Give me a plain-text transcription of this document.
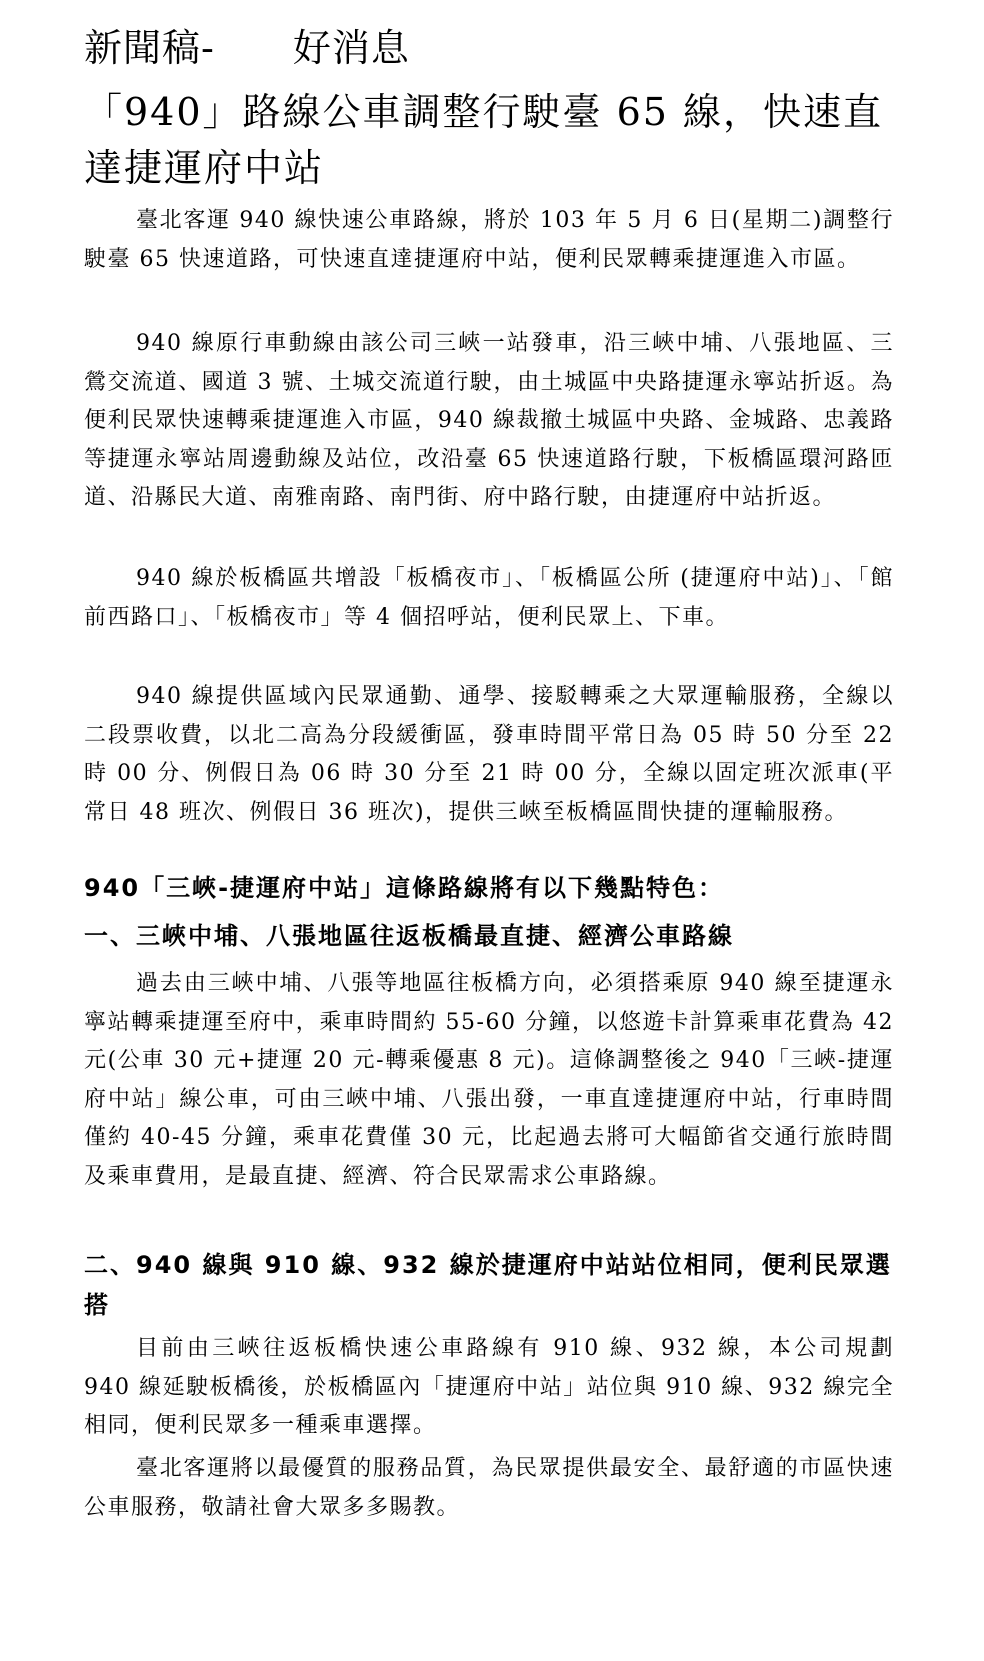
新聞稿-　　好消息
「940」路線公車調整行駛臺 65 線，快速直達捷運府中站

臺北客運 940 線快速公車路線，將於 103 年 5 月 6 日(星期二)調整行駛臺 65 快速道路，可快速直達捷運府中站，便利民眾轉乘捷運進入市區。

940 線原行車動線由該公司三峽一站發車，沿三峽中埔、八張地區、三鶯交流道、國道 3 號、土城交流道行駛，由土城區中央路捷運永寧站折返。為便利民眾快速轉乘捷運進入市區，940 線裁撤土城區中央路、金城路、忠義路等捷運永寧站周邊動線及站位，改沿臺 65 快速道路行駛，下板橋區環河路匝道、沿縣民大道、南雅南路、南門街、府中路行駛，由捷運府中站折返。

940 線於板橋區共增設「板橋夜市」、「板橋區公所 (捷運府中站)」、「館前西路口」、「板橋夜市」等 4 個招呼站，便利民眾上、下車。

940 線提供區域內民眾通勤、通學、接駁轉乘之大眾運輸服務，全線以二段票收費，以北二高為分段緩衝區，發車時間平常日為 05 時 50 分至 22 時 00 分、例假日為 06 時 30 分至 21 時 00 分，全線以固定班次派車(平常日 48 班次、例假日 36 班次)，提供三峽至板橋區間快捷的運輸服務。

940「三峽-捷運府中站」這條路線將有以下幾點特色：
一、三峽中埔、八張地區往返板橋最直捷、經濟公車路線

過去由三峽中埔、八張等地區往板橋方向，必須搭乘原 940 線至捷運永寧站轉乘捷運至府中，乘車時間約 55-60 分鐘，以悠遊卡計算乘車花費為 42 元(公車 30 元+捷運 20 元-轉乘優惠 8 元)。這條調整後之 940「三峽-捷運府中站」線公車，可由三峽中埔、八張出發，一車直達捷運府中站，行車時間僅約 40-45 分鐘，乘車花費僅 30 元，比起過去將可大幅節省交通行旅時間及乘車費用，是最直捷、經濟、符合民眾需求公車路線。

二、940 線與 910 線、932 線於捷運府中站站位相同，便利民眾選搭

目前由三峽往返板橋快速公車路線有 910 線、932 線，本公司規劃 940 線延駛板橋後，於板橋區內「捷運府中站」站位與 910 線、932 線完全相同，便利民眾多一種乘車選擇。

臺北客運將以最優質的服務品質，為民眾提供最安全、最舒適的市區快速公車服務，敬請社會大眾多多賜教。
